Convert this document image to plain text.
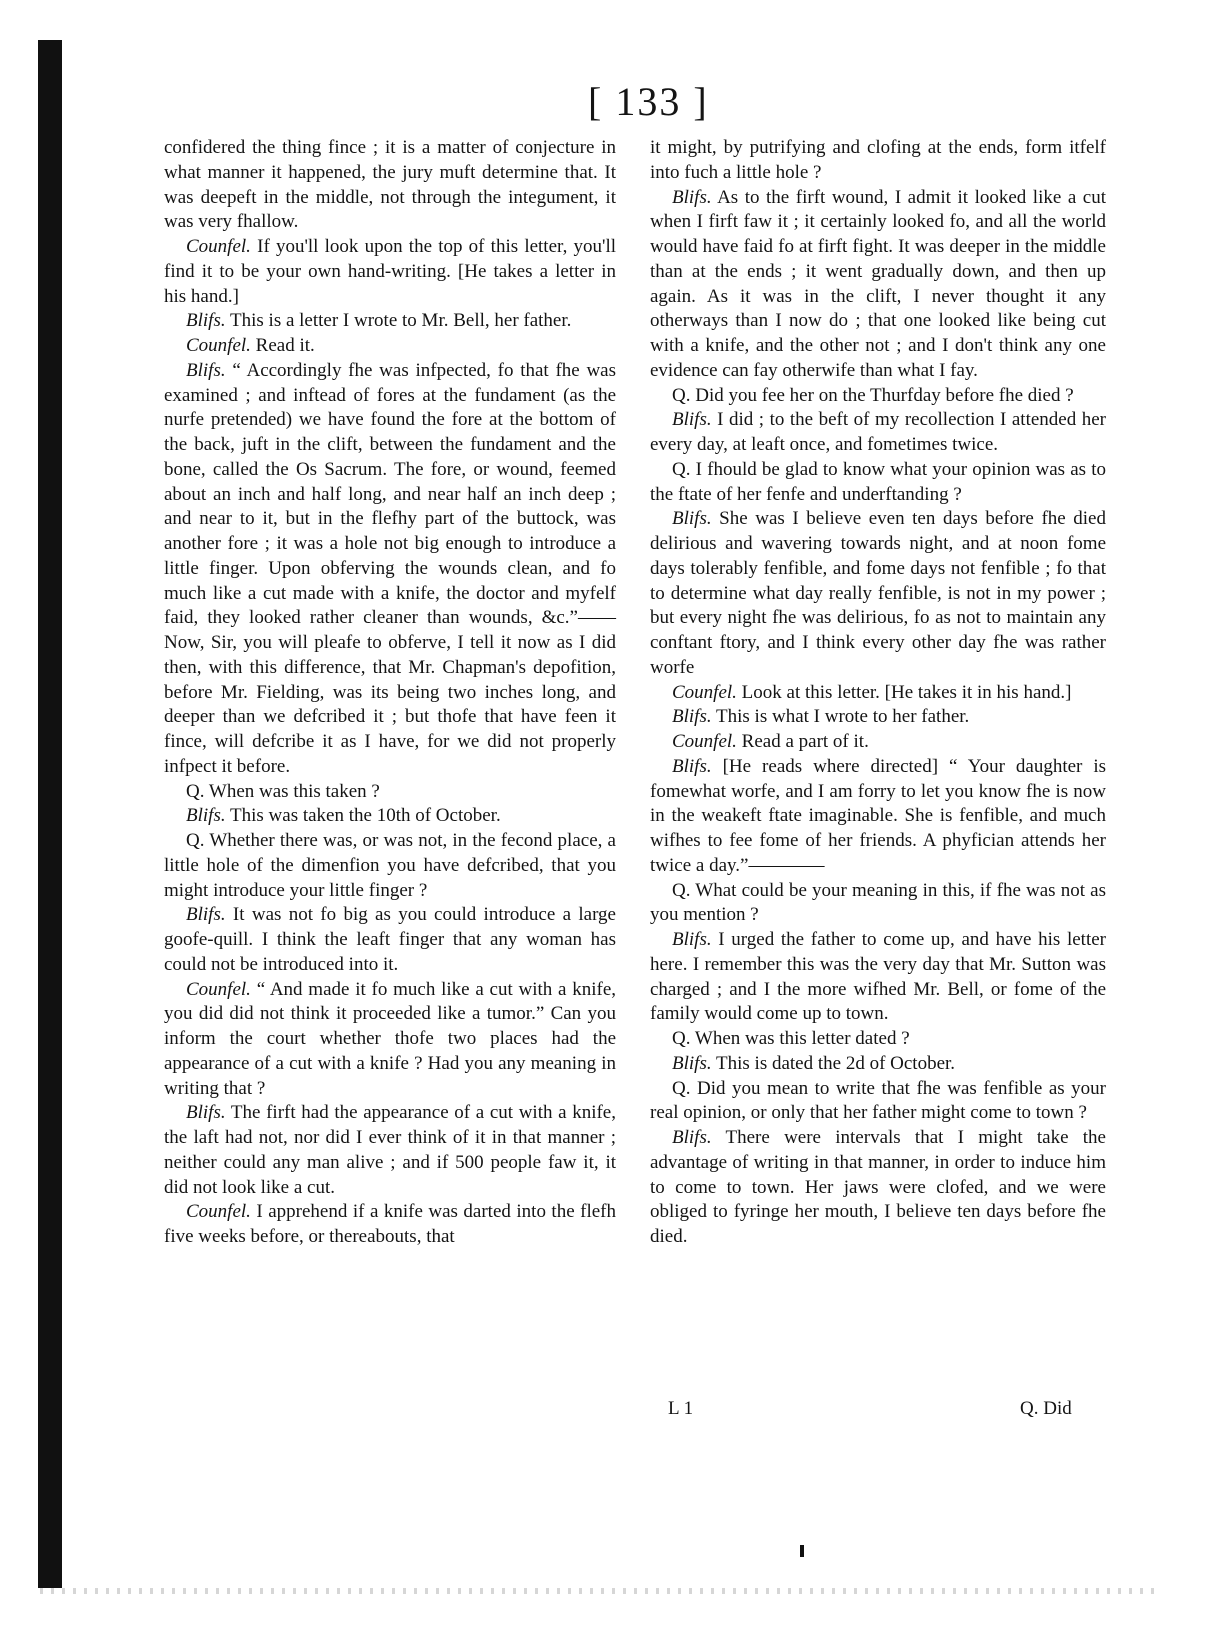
[ 133 ]

confidered the thing fince ; it is a matter of conjecture in what manner it happened, the jury muft determine that. It was deepeft in the middle, not through the integument, it was very fhallow.

Counfel. If you'll look upon the top of this letter, you'll find it to be your own hand-writing. [He takes a letter in his hand.]

Blifs. This is a letter I wrote to Mr. Bell, her father.

Counfel. Read it.

Blifs. “ Accordingly fhe was infpected, fo that fhe was examined ; and inftead of fores at the fundament (as the nurfe pretended) we have found the fore at the bottom of the back, juft in the clift, between the fundament and the bone, called the Os Sacrum. The fore, or wound, feemed about an inch and half long, and near half an inch deep ; and near to it, but in the flefhy part of the buttock, was another fore ; it was a hole not big enough to introduce a little finger. Upon obferving the wounds clean, and fo much like a cut made with a knife, the doctor and myfelf faid, they looked rather cleaner than wounds, &c.”—— Now, Sir, you will pleafe to obferve, I tell it now as I did then, with this difference, that Mr. Chapman's depofition, before Mr. Fielding, was its being two inches long, and deeper than we defcribed it ; but thofe that have feen it fince, will defcribe it as I have, for we did not properly infpect it before.

Q. When was this taken ?

Blifs. This was taken the 10th of October.

Q. Whether there was, or was not, in the fecond place, a little hole of the dimenfion you have defcribed, that you might introduce your little finger ?

Blifs. It was not fo big as you could introduce a large goofe-quill. I think the leaft finger that any woman has could not be introduced into it.

Counfel. “ And made it fo much like a cut with a knife, you did did not think it proceeded like a tumor.” Can you inform the court whether thofe two places had the appearance of a cut with a knife ? Had you any meaning in writing that ?

Blifs. The firft had the appearance of a cut with a knife, the laft had not, nor did I ever think of it in that manner ; neither could any man alive ; and if 500 people faw it, it did not look like a cut.

Counfel. I apprehend if a knife was darted into the flefh five weeks before, or thereabouts, that

it might, by putrifying and clofing at the ends, form itfelf into fuch a little hole ?

Blifs. As to the firft wound, I admit it looked like a cut when I firft faw it ; it certainly looked fo, and all the world would have faid fo at firft fight. It was deeper in the middle than at the ends ; it went gradually down, and then up again. As it was in the clift, I never thought it any otherways than I now do ; that one looked like being cut with a knife, and the other not ; and I don't think any one evidence can fay otherwife than what I fay.

Q. Did you fee her on the Thurfday before fhe died ?

Blifs. I did ; to the beft of my recollection I attended her every day, at leaft once, and fometimes twice.

Q. I fhould be glad to know what your opinion was as to the ftate of her fenfe and underftanding ?

Blifs. She was I believe even ten days before fhe died delirious and wavering towards night, and at noon fome days tolerably fenfible, and fome days not fenfible ; fo that to determine what day really fenfible, is not in my power ; but every night fhe was delirious, fo as not to maintain any conftant ftory, and I think every other day fhe was rather worfe

Counfel. Look at this letter. [He takes it in his hand.]

Blifs. This is what I wrote to her father.

Counfel. Read a part of it.

Blifs. [He reads where directed] “ Your daughter is fomewhat worfe, and I am forry to let you know fhe is now in the weakeft ftate imaginable. She is fenfible, and much wifhes to fee fome of her friends. A phyfician attends her twice a day.”————

Q. What could be your meaning in this, if fhe was not as you mention ?

Blifs. I urged the father to come up, and have his letter here. I remember this was the very day that Mr. Sutton was charged ; and I the more wifhed Mr. Bell, or fome of the family would come up to town.

Q. When was this letter dated ?

Blifs. This is dated the 2d of October.

Q. Did you mean to write that fhe was fenfible as your real opinion, or only that her father might come to town ?

Blifs. There were intervals that I might take the advantage of writing in that manner, in order to induce him to come to town. Her jaws were clofed, and we were obliged to fyringe her mouth, I believe ten days before fhe died.

L 1	Q. Did
